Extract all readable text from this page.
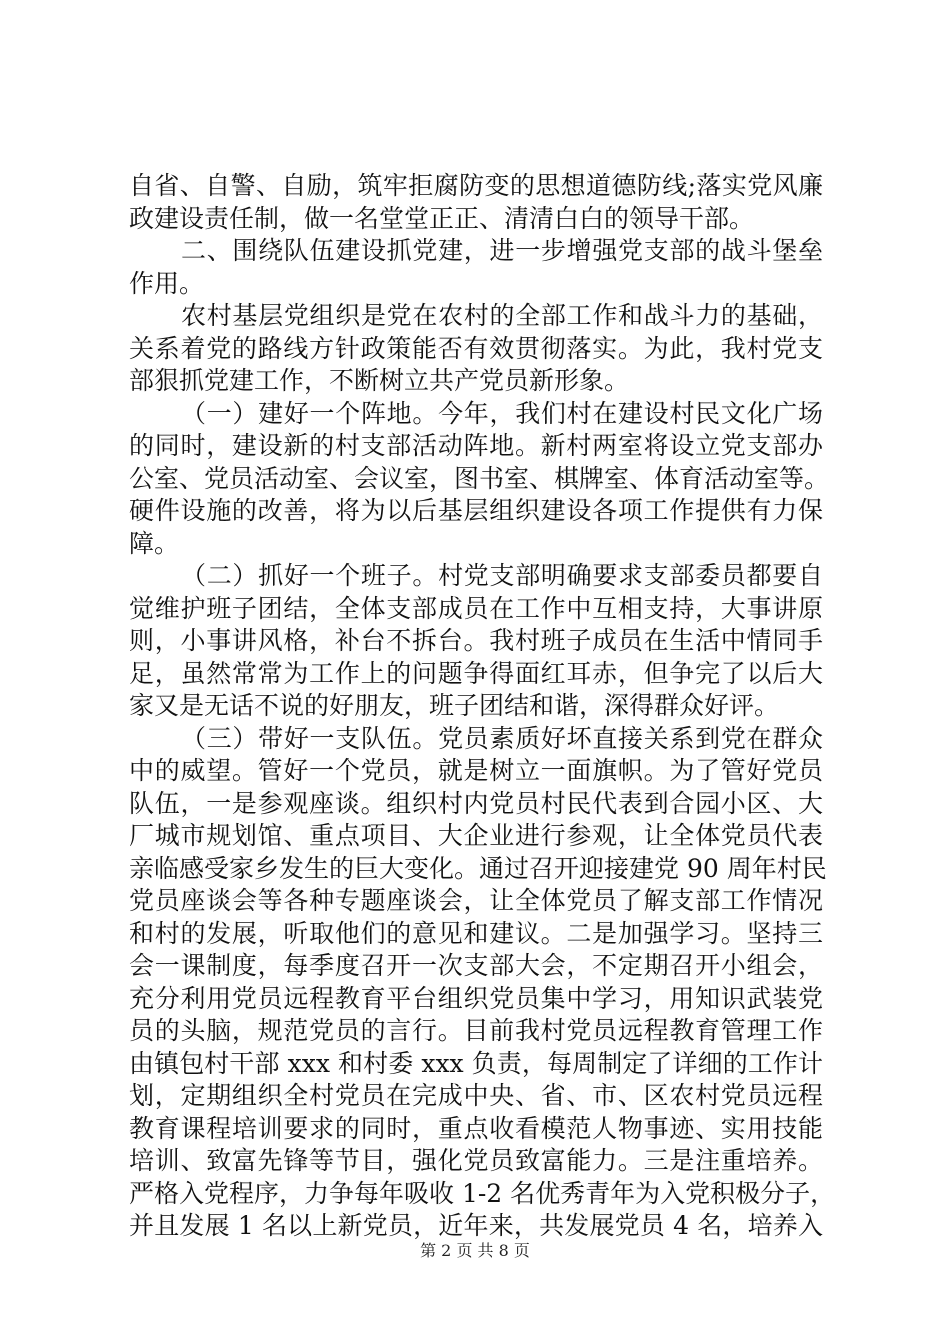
自省、自警、自励，筑牢拒腐防变的思想道德防线;落实党风廉
政建设责任制，做一名堂堂正正、清清白白的领导干部。
二、围绕队伍建设抓党建，进一步增强党支部的战斗堡垒
作用。
农村基层党组织是党在农村的全部工作和战斗力的基础，
关系着党的路线方针政策能否有效贯彻落实。为此，我村党支
部狠抓党建工作，不断树立共产党员新形象。
（一）建好一个阵地。今年，我们村在建设村民文化广场
的同时，建设新的村支部活动阵地。新村两室将设立党支部办
公室、党员活动室、会议室，图书室、棋牌室、体育活动室等。
硬件设施的改善，将为以后基层组织建设各项工作提供有力保
障。
（二）抓好一个班子。村党支部明确要求支部委员都要自
觉维护班子团结，全体支部成员在工作中互相支持，大事讲原
则，小事讲风格，补台不拆台。我村班子成员在生活中情同手
足，虽然常常为工作上的问题争得面红耳赤，但争完了以后大
家又是无话不说的好朋友，班子团结和谐，深得群众好评。
（三）带好一支队伍。党员素质好坏直接关系到党在群众
中的威望。管好一个党员，就是树立一面旗帜。为了管好党员
队伍，一是参观座谈。组织村内党员村民代表到合园小区、大
厂城市规划馆、重点项目、大企业进行参观，让全体党员代表
亲临感受家乡发生的巨大变化。通过召开迎接建党 90 周年村民
党员座谈会等各种专题座谈会，让全体党员了解支部工作情况
和村的发展，听取他们的意见和建议。二是加强学习。坚持三
会一课制度，每季度召开一次支部大会，不定期召开小组会，
充分利用党员远程教育平台组织党员集中学习，用知识武装党
员的头脑，规范党员的言行。目前我村党员远程教育管理工作
由镇包村干部 xxx 和村委 xxx 负责，每周制定了详细的工作计
划，定期组织全村党员在完成中央、省、市、区农村党员远程
教育课程培训要求的同时，重点收看模范人物事迹、实用技能
培训、致富先锋等节目，强化党员致富能力。三是注重培养。
严格入党程序，力争每年吸收 1-2 名优秀青年为入党积极分子，
并且发展 1 名以上新党员，近年来，共发展党员 4 名，培养入
第 2 页 共 8 页
